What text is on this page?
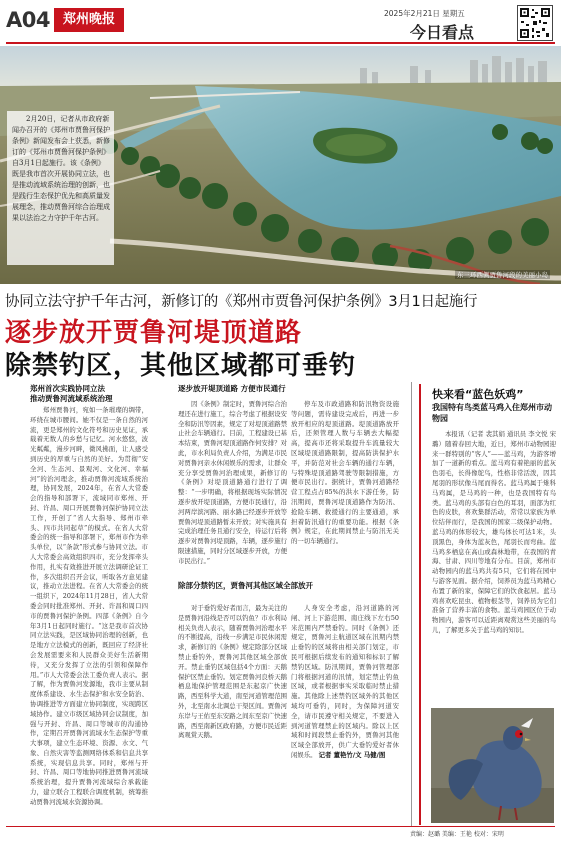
A04	郑州晚报	2025年2月21日 星期五
今日看点
2月20日，记者从市政府新闻办召开的《郑州市贾鲁河保护条例》新闻发布会上获悉，新修订的《郑州市贾鲁河保护条例》自3月1日起施行。该《条例》既是我市首次开展协同立法，也是推动流域系统治理的创新，也是践行生态保护优先和高质量发展理念，推动贾鲁河综合治理成果以法治之力守护千年古河。
东三环西侧贾鲁河段的美丽小岛
协同立法守护千年古河，新修订的《郑州市贾鲁河保护条例》3月1日起施行
逐步放开贾鲁河堤顶道路
除禁钓区，其他区域都可垂钓
郑州首次实践协同立法
推动贾鲁河流域系统治理
郑州贾鲁河，宛如一条璀璨的绸带，环绕在城市腰间。她不仅是一条自然的河流，更是郑州的文化符号和历史见证，承载着无数人的乡愁与记忆。河水悠悠，波光粼粼，漫步河畔，微风拂面，让人感受到历史的厚重与自然的美好。为贯彻“安全河、生态河、景观河、文化河、幸福河”的治河理念，推动贾鲁河流域系统治理，协同发展，2024年，在省人大常委会的指导和部署下，流域同市郑州、开封、许昌、周口开展贾鲁河保护协同立法工作，开创了“省人大指导、郑州市牵头、四市共同起草”的模式。在省人大常委会的统一指导和部署下，郑州市作为牵头单位，以“条款”形式参与协同立法。市人大常委会高效组织四市，充分发挥牵头作用，扎实有效推进开展立法调研论证工作，多次组织召开会议，听取各方意见建议，推动立法进程。在省人大常委会的统一组织下，2024年11月28日，省人大常委会同时批准郑州、开封、许昌和周口四市的贾鲁河保护条例。四部《条例》自今年3月1日起同时施行。“这是我市首次协同立法实践，是区域协同治理的创新，也是地方立法模式的创新，既回应了经济社会发展需要来和人民群众美好生活新期待，又充分发挥了立法的引领和保障作用。”市人大常委会法工委负责人表示。据了解，作为贾鲁河发源地，我市主要从制度体系建设、水生态保护和水安全防治、协调推进等方面建立协同制度，实现跨区域协作。建立市级区域协同会议制度，加强与开封、许昌、周口等城市的沟通协作，定期召开贾鲁河流域水生态保护等重大事项，建立生态环境、资源、水文、气象、自然灾害等监测网络体系和信息共享系统，实现信息共享。同时，郑州与开封、许昌、周口等地协同推进贾鲁河流域系统治理，提升贾鲁河流域综合承载能力，建立联合工程联合调度机制，统筹推动贾鲁河流域水资源协调。
逐步放开堤顶道路 方便市民通行
因《条例》制定时，贾鲁河综合治理还在进行施工，综合考虑了根据设安全和防汛等因素，规定了对堤顶道路禁止社会车辆通行。目前，工程建设已基本结束，贾鲁河堤顶道路作何安排？对此，市水利局负责人介绍，为满足市民对贾鲁河亲水休闲娱乐的需求，让群众充分享受贾鲁河治理成果，新修订的《条例》对堤顶道路通行进行了调整：“一步明确，将根据现场实际情况逐步放开堤顶道路，方便市民通行，沿河两岸滨河路、丽水路已经逐步开放等贾鲁河堤顶道路暂未开放；对实施具有完成治理任务且通行安全，待运行后将逐步对贾鲁河堤顶路，车辆，逐步施行限速措施，同时分区域逐步开放，方便市民出行。”
除部分禁钓区，贾鲁河其他区域全部放开
对于垂钓爱好者而言，最为关注的是贾鲁河沿线是否可以钓鱼？市水利局相关负责人表示，随着贾鲁河治理水平的不断提高，沿线一步满足市民休闲需求，新修订的《条例》规定除部分区域禁止垂钓外，贾鲁河其他区域全部放开。禁止垂钓区域包括4个方面：天鹅保护区禁止垂钓。划定贾鲁河良桥天鹅栖息地保护管理范围是东起京广快速路，西至科学大道，南至河道管理范围外，北至南水北调总干渠区间。贾鲁河东岸与王佑至东安路之间东至京广快速路，西至南新区政府路，方便市民近距离观赏天鹅。
停车及市政道路和防汛物资设施等问题，需待建设完成后，再进一步放开相应的堤顶道路。堤顶道路放开后，还须管理人数与车辆去大幅提高，提高市还将采取提升车流量较大区域堤顶道路限制，提高防洪保护水平，并防范对社会车辆的通行车辆，与特殊堤顶道路驾驶等限制措施，方便市民出行。据统计，贾鲁河道路经营工程点占85%的洪水下游任务，防汛期间，贾鲁河堤顶道路作为防汛、抢险车辆、救援通行的主要通道，承担着防汛通行的重要功能。根据《条例》规定，在此期间禁止与防汛无关的一切车辆通行。
人身安全考虑，沿河道路的河闸、河上下游范围、南庄线下左右50米范围内严禁垂钓。同时《条例》还规定，贾鲁河主航道区域在汛期内禁止垂钓的区域将由相关部门划定，市民可根据后续发布的通知和标识了解禁钓区域。防汛期间，贾鲁河管理部门将根据河道的汛情，划定禁止钓鱼区域，或者根据事实采取临时禁止措施。其他除上述禁钓区域外的其他区域均可垂钓，同时，为保障河道安全，请市民遵守相关规定，不要进入到河道管理禁止的区域内。除以上区域和时间段禁止垂钓外，贾鲁河其他区域全部放开，供广大垂钓爱好者休闲娱乐。 记者 董艳竹/文 马健/图
快来看“蓝色妖鸡”
我国特有鸟类蓝马鸡入住郑州市动物园
本报讯（记者 裴其娟 通讯员 李文悦 宋璐）随着春回大地，近日，郑州市动物园迎来一群特别的“客人”——蓝马鸡，为游客增加了一道新的看点。蓝马鸡有着艳丽的蓝灰色羽毛，长得像鸵鸟，性格非常活泼，因其尾羽的形状像马尾而得名。蓝马鸡属于雉科马鸡属，是马鸡的一种，也是我国特有鸟类。蓝马鸡的头部有白色的耳羽，面部为红色的皮肤，喜欢集群活动，常常以家族为单位结伴而行，是我国的国家二级保护动物。蓝马鸡的体形较大，雄鸟体长可达1米，头顶黑色，身体为蓝灰色，尾羽长而弯曲。蓝马鸡多栖息在高山或森林地带，在我国的青海、甘肃、四川等地有分布。目前，郑州市动物园内的蓝马鸡共有5只，它们将在园中与游客见面。据介绍，饲养员为蓝马鸡精心布置了新的家，保障它们的饮食起居。蓝马鸡喜欢吃昆虫、植物根茎等，饲养员为它们准备了营养丰富的食物。蓝马鸡园区位于动物园内，游客可以近距离观赏这些美丽的鸟儿，了解更多关于蓝马鸡的知识。
责编：赵璐 美编：王艳 校对：宋明
